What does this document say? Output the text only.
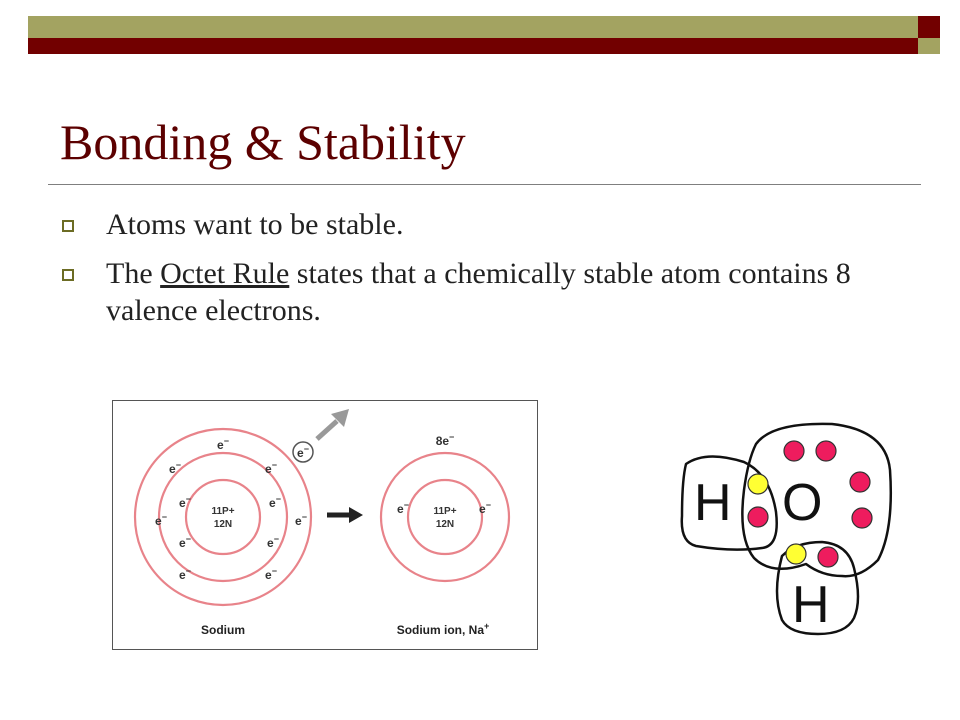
Bonding & Stability
Atoms want to be stable.
The Octet Rule states that a chemically stable atom contains 8 valence electrons.
11P+
12N
e−
e−	e−
e−	e−
e−	e−
e−	e−
e−	e−
e−
11P+
12N
8e−
e−	e−
Sodium	Sodium ion, Na+
H O
H
